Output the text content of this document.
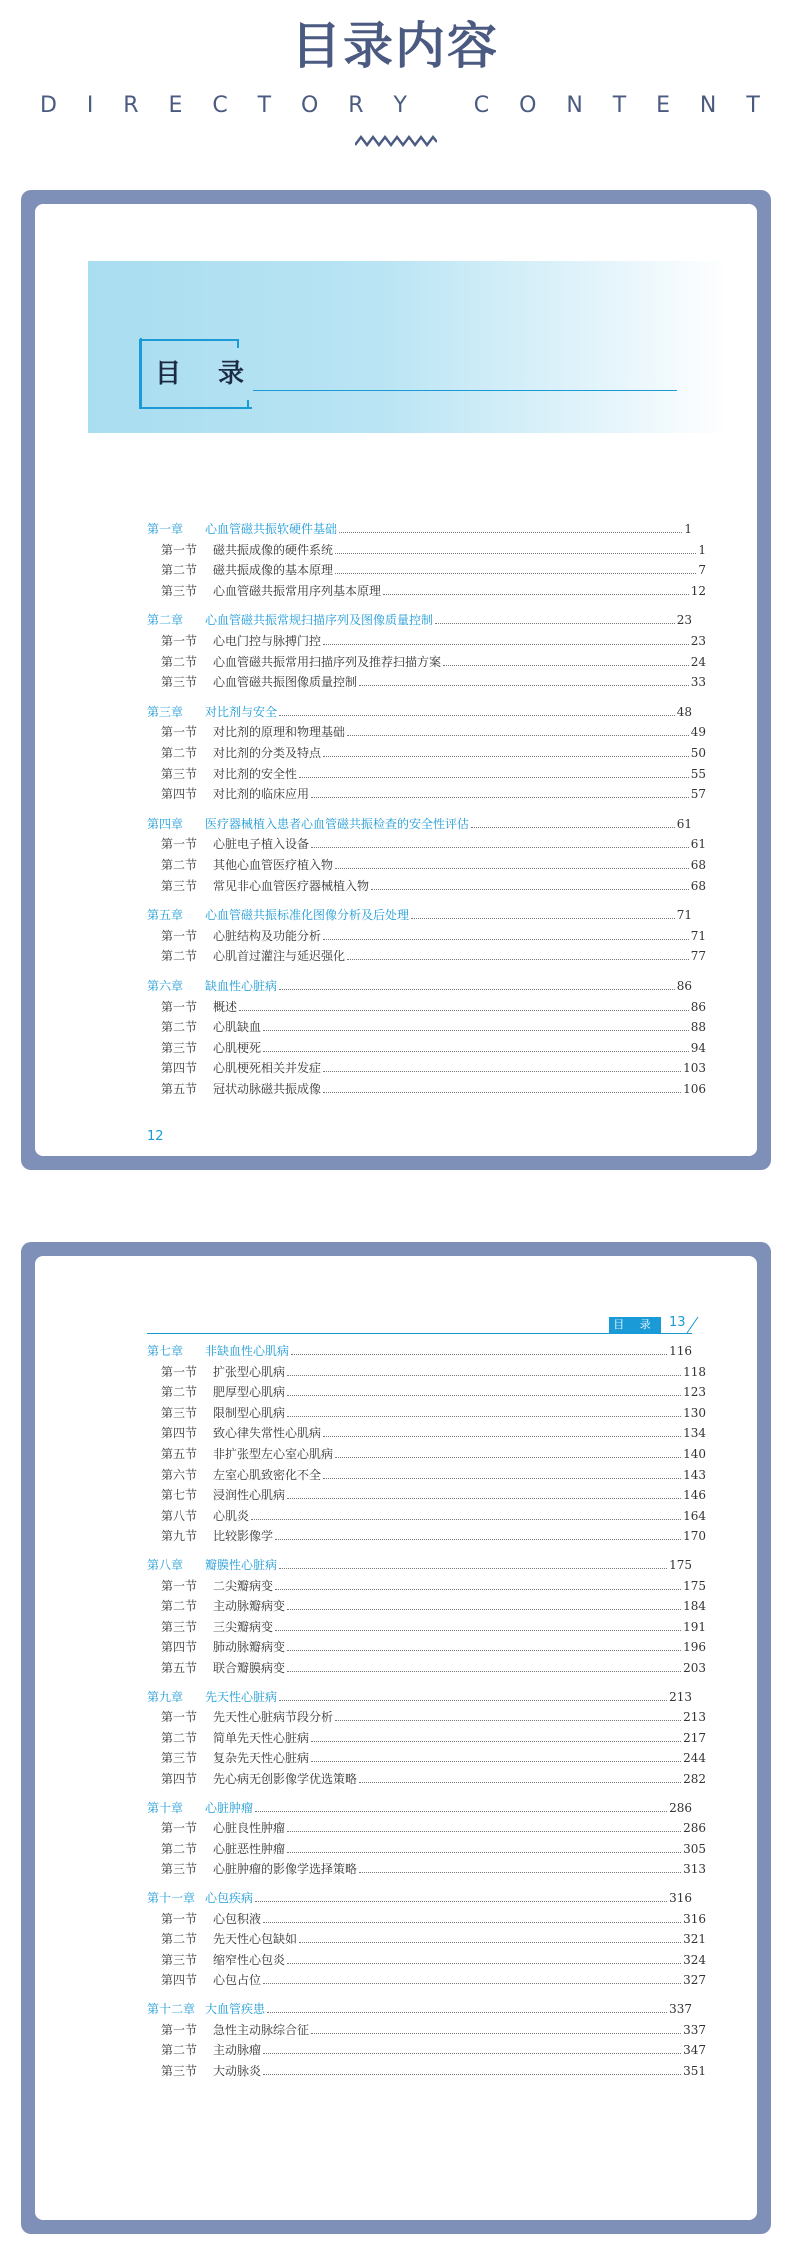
目录内容
D I R E C T O R Y
	C O N T E N T
目 录
第一章	心血管磁共振软硬件基础	1
第一节	磁共振成像的硬件系统	1
第二节	磁共振成像的基本原理	7
第三节	心血管磁共振常用序列基本原理	12
第二章	心血管磁共振常规扫描序列及图像质量控制	23
第一节	心电门控与脉搏门控	23
第二节	心血管磁共振常用扫描序列及推荐扫描方案	24
第三节	心血管磁共振图像质量控制	33
第三章	对比剂与安全	48
第一节	对比剂的原理和物理基础	49
第二节	对比剂的分类及特点	50
第三节	对比剂的安全性	55
第四节	对比剂的临床应用	57
第四章	医疗器械植入患者心血管磁共振检查的安全性评估	61
第一节	心脏电子植入设备	61
第二节	其他心血管医疗植入物	68
第三节	常见非心血管医疗器械植入物	68
第五章	心血管磁共振标准化图像分析及后处理	71
第一节	心脏结构及功能分析	71
第二节	心肌首过灌注与延迟强化	77
第六章	缺血性心脏病	86
第一节	概述	86
第二节	心肌缺血	88
第三节	心肌梗死	94
第四节	心肌梗死相关并发症	103
第五节	冠状动脉磁共振成像	106
12
目 录 13
第七章	非缺血性心肌病	116
第一节	扩张型心肌病	118
第二节	肥厚型心肌病	123
第三节	限制型心肌病	130
第四节	致心律失常性心肌病	134
第五节	非扩张型左心室心肌病	140
第六节	左室心肌致密化不全	143
第七节	浸润性心肌病	146
第八节	心肌炎	164
第九节	比较影像学	170
第八章	瓣膜性心脏病	175
第一节	二尖瓣病变	175
第二节	主动脉瓣病变	184
第三节	三尖瓣病变	191
第四节	肺动脉瓣病变	196
第五节	联合瓣膜病变	203
第九章	先天性心脏病	213
第一节	先天性心脏病节段分析	213
第二节	简单先天性心脏病	217
第三节	复杂先天性心脏病	244
第四节	先心病无创影像学优选策略	282
第十章	心脏肿瘤	286
第一节	心脏良性肿瘤	286
第二节	心脏恶性肿瘤	305
第三节	心脏肿瘤的影像学选择策略	313
第十一章 心包疾病	316
第一节	心包积液	316
第二节	先天性心包缺如	321
第三节	缩窄性心包炎	324
第四节	心包占位	327
第十二章 大血管疾患	337
第一节	急性主动脉综合征	337
第二节	主动脉瘤	347
第三节	大动脉炎	351
